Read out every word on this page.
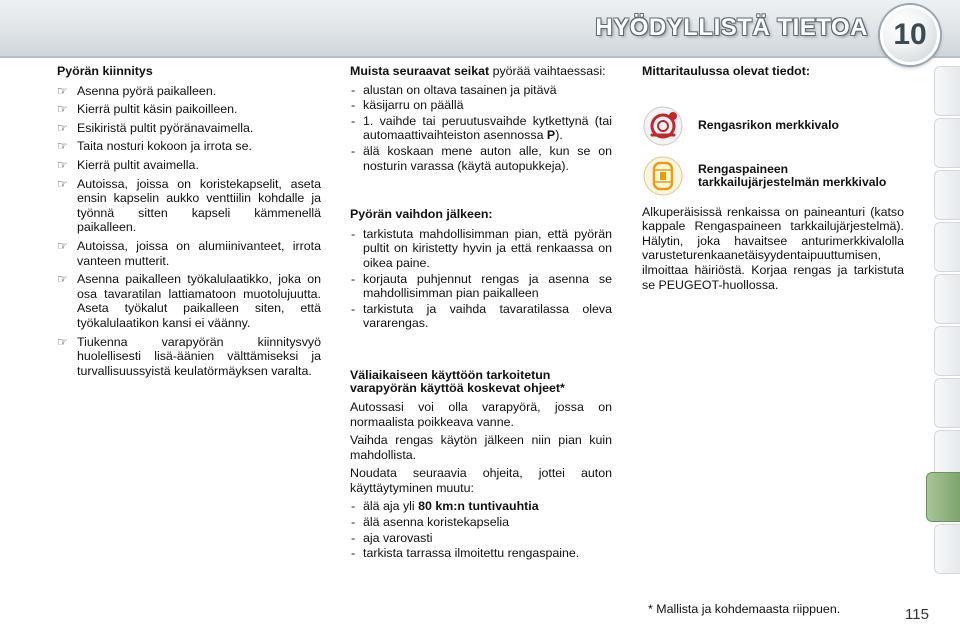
HYÖDYLLISTÄ TIETOA 10
Pyörän kiinnitys
☞ Asenna pyörä paikalleen.
☞ Kierrä pultit käsin paikoilleen.
☞ Esikiristä pultit pyöränavaimella.
☞ Taita nosturi kokoon ja irrota se.
☞ Kierrä pultit avaimella.
☞ Autoissa, joissa on koristekapselit, aseta ensin kapselin aukko venttiilin kohdalle ja työnnä sitten kapseli kämmenellä paikalleen.
☞ Autoissa, joissa on alumiinivanteet, irrota vanteen mutterit.
☞ Asenna paikalleen työkalulaatikko, joka on osa tavaratilan lattiamatoon muotolujuutta. Aseta työkalut paikalleen siten, että työkalulaatikon kansi ei väänny.
☞ Tiukenna varapyörän kiinnitysvyö huolellisesti lisä-äänien välttämiseksi ja turvallisuussyistä keulatörmäyksen varalta.

Muista seuraavat seikat pyörää vaihtaessasi:

- alustan on oltava tasainen ja pitävä
- käsijarru on päällä
- 1. vaihde tai peruutusvaihde kytkettynä (tai automaattivaihteiston asennossa P).
- älä koskaan mene auton alle, kun se on nosturin varassa (käytä autopukkeja).
Pyörän vaihdon jälkeen:
- tarkistuta mahdollisimman pian, että pyörän pultit on kiristetty hyvin ja että renkaassa on oikea paine.
- korjauta puhjennut rengas ja asenna se mahdollisimman pian paikalleen
- tarkistuta ja vaihda tavaratilassa oleva vararengas.
Väliaikaiseen käyttöön tarkoitetun varapyörän käyttöä koskevat ohjeet*

Autossasi voi olla varapyörä, jossa on normaalista poikkeava vanne.

Vaihda rengas käytön jälkeen niin pian kuin mahdollista.

Noudata seuraavia ohjeita, jottei auton käyttäytyminen muutu:

- älä aja yli 80 km:n tuntivauhtia
- älä asenna koristekapselia
- aja varovasti
- tarkista tarrassa ilmoitettu rengaspaine.
Mittaritaulussa olevat tiedot:
Rengasrikon merkkivalo
Rengaspaineen tarkkailujärjestelmän merkkivalo

Alkuperäisissä renkaissa on paineanturi (katso kappale Rengaspaineen tarkkailujärjestelmä). Hälytin, joka havaitsee anturimerkkivalolla varusteturenkaanetäisyydentaipuuttumisen, ilmoittaa häiriöstä. Korjaa rengas ja tarkistuta se PEUGEOT-huollossa.

* Mallista ja kohdemaasta riippuen.	115
